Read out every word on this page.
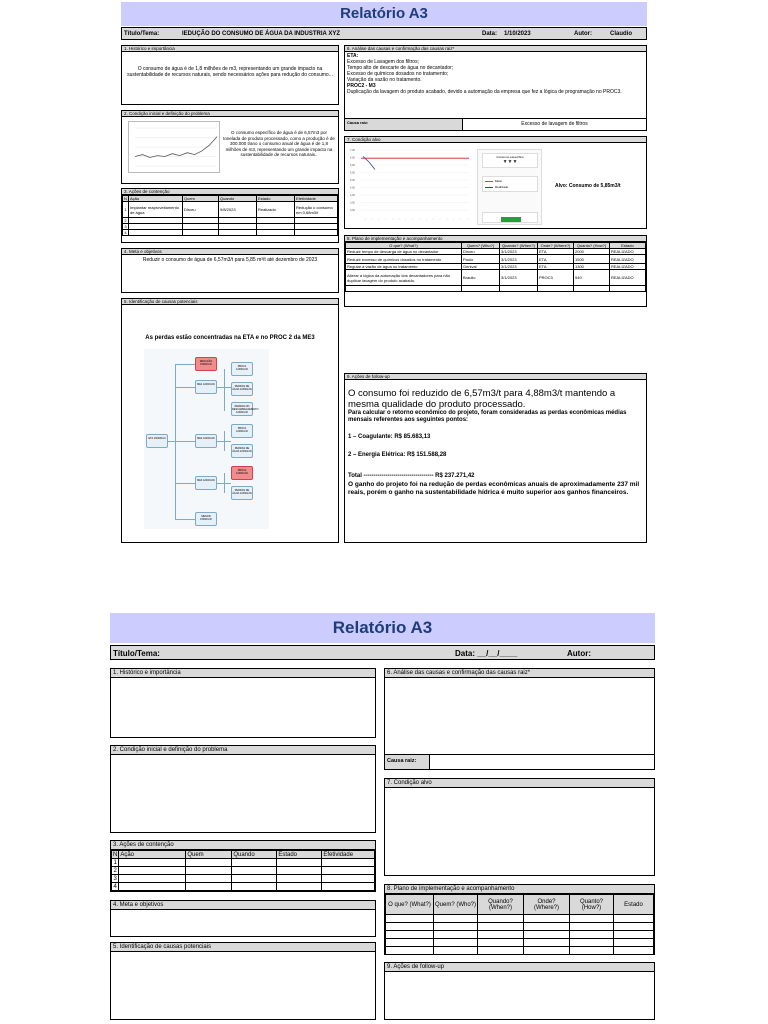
Relatório A3
Título/Tema:	IEDUÇÃO DO CONSUMO DE ÁGUA DA INDUSTRIA XYZ	Data: 1/10/2023	Autor:	Claudio
1. Histórico e importância
O consumo de água é de 1,8 milhões de m3, representando um grande impacto na sustentabilidade de recursos naturais, sendo necessários ações para redução do consumo...
2. Condição inicial e definição do problema
O consumo específico de água é de 6,57m3 por tonelada de produto processado, como a produção é de 300.000 t/ano o consumo anual de água é de 1,8 milhões de m3, representando um grande impacto na sustentabilidade de recursos naturais..
3. Ações de contenção
N	Ação	Quem	Quando	Estado	Efetividade
1	Implantar reaproveitamento de água	Dirceu	9/8/2023	Realizado	Redução o consumo em 0,68m3/t
2					
3					
4					
4. Meta e objetivos
Reduzir o consumo de água de 6,57m3/t para 5,85 m³/t até dezembro de 2023
5. Identificação de causas potenciais
As perdas estão concentradas na ETA e no PROC 2 da ME3
ETA 100000m3
REDUÇÃO 15000m3/t
ME1 12000m3/t
ME2 12000m3/t
ME3 12000m3/t
MENOR 15000m3/t
PROC1 12000m3/t
PERDAS DE ÁGUA 12000m3/t
PERDAS NO DESCARREGAMENTO 12000m3/t
PROC1 12000m3/t
PERDAS DE ÁGUA 12000m3/t
PROC2 12000m3/t
PERDAS DE ÁGUA 12000m3/t
6. Análise das causas e confirmação das causas raiz*
ETA:
Excesso de Lavagem dos filtros;
Tempo alto de descarte de água no decantador;
Excesso de químicos dosados no tratamento;
Variação da vazão no tratamento.
PROC2 - M3
Duplicação da lavagem do produto acabado, devido a automação da empresa que fez a lógica de programação no PROC3.
Causa raiz:	Excesso de lavagem de filtros
7. Condição alvo
7,00
6,50
6,00
5,50
5,00
4,50
4,00
3,50
3,00
— — — — — — — — — — — — — — — —
Consumo específico
▼▼▼
Meta
Realizado	Alvo: Consumo de 5,85m3/t
8. Plano de implementação e acompanhamento
O que? (What?)	Quem? (Who?)	Quando? (When?)	Onde? (Where?)	Quanto? (How?)	Estado
Reduzir tempo de descarga de água no decantador	Dirceu	3/1/2023	ETA	2000	REALIZADO
Reduzir excesso de químicos dosados no tratamento	Paulo	3/1/2023	ETA	1500	REALIZADO
Regular a vazão de água no tratamento	Genival	3/1/2023	ETA	1300	REALIZADO
Alterar a lógica da automação dos decantadores para não duplicar lavagem do produto acabado.	Braulio	3/1/2023	PROC3	540	REALIZADO

9. Ações de follow-up
O consumo foi reduzido de 6,57m3/t para 4,88m3/t mantendo a mesma qualidade do produto processado.
Para calcular o retorno econômico do projeto, foram consideradas as perdas econômicas médias mensais referentes aos seguintes pontos:
1 – Coagulante: R$ 85.683,13
2 – Energia Elétrica: R$ 151.588,28
Total ----------------------------------- R$ 237.271,42
O ganho do projeto foi na redução de perdas econômicas anuais de aproximadamente 237 mil reais, porém o ganho na sustentabilidade hídrica é muito superior aos ganhos financeiros.
Relatório A3
Título/Tema:	Data: __/__/____	Autor:
1. Histórico e importância
2. Condição inicial e definição do problema
3. Ações de contenção
N	Ação	Quem	Quando	Estado	Efetividade
1					
2					
3					
4					
4. Meta e objetivos
5. Identificação de causas potenciais
6. Análise das causas e confirmação das causas raiz*
Causa raiz:
7. Condição alvo
8. Plano de implementação e acompanhamento
O que? (What?)	Quem? (Who?)	Quando? (When?)	Onde? (Where?)	Quanto? (How?)	Estado

9. Ações de follow-up
